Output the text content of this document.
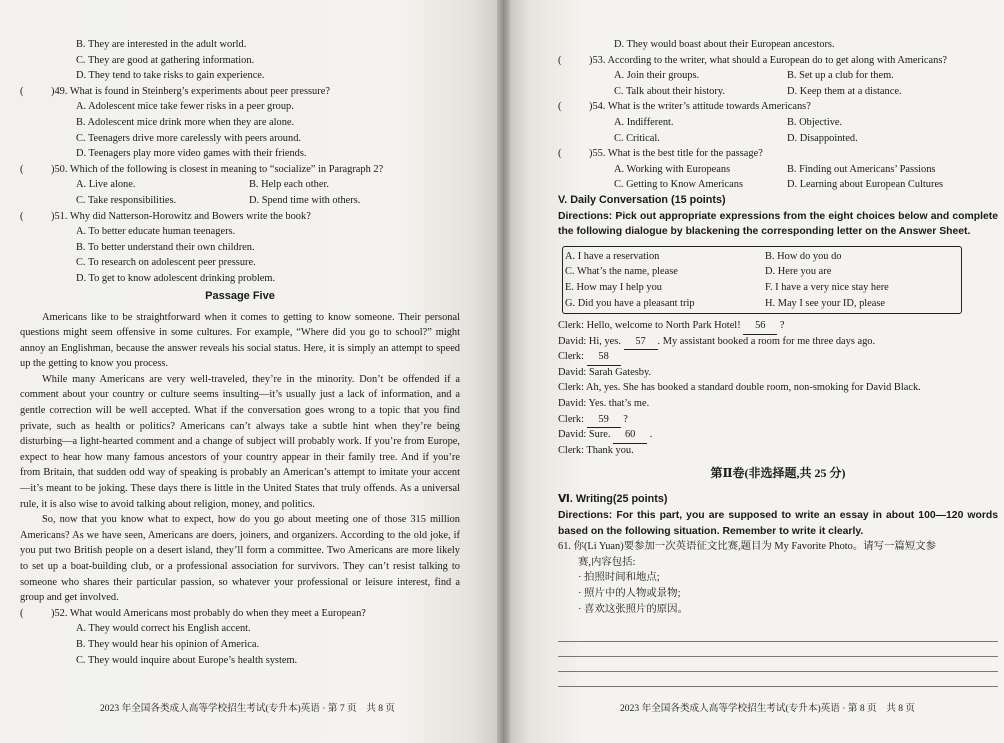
B. They are interested in the adult world.
C. They are good at gathering information.
D. They tend to take risks to gain experience.
(	)49. What is found in Steinberg’s experiments about peer pressure?
A. Adolescent mice take fewer risks in a peer group.
B. Adolescent mice drink more when they are alone.
C. Teenagers drive more carelessly with peers around.
D. Teenagers play more video games with their friends.
(	)50. Which of the following is closest in meaning to “socialize” in Paragraph 2?
A. Live alone.	B. Help each other.
C. Take responsibilities.	D. Spend time with others.
(	)51. Why did Natterson-Horowitz and Bowers write the book?
A. To better educate human teenagers.
B. To better understand their own children.
C. To research on adolescent peer pressure.
D. To get to know adolescent drinking problem.
Passage Five

Americans like to be straightforward when it comes to getting to know someone. Their personal questions might seem offensive in some cultures. For example, “Where did you go to school?” might annoy an Englishman, because the answer reveals his social status. Here, it is simply an attempt to speed up the getting to know you process.

While many Americans are very well-traveled, they’re in the minority. Don’t be offended if a comment about your country or culture seems insulting—it’s usually just a lack of information, and a gentle correction will be well accepted. What if the conversation goes wrong to a topic that you find private, such as health or politics? Americans can’t always take a subtle hint when they’re being disturbing—a light-hearted comment and a change of subject will probably work. If you’re from Europe, expect to hear how many famous ancestors of your country appear in their family tree. And if you’re from Britain, that sudden odd way of speaking is probably an American’s attempt to imitate your accent—it’s meant to be joking. These days there is little in the United States that truly offends. As a universal rule, it is also wise to avoid talking about religion, money, and politics.

So, now that you know what to expect, how do you go about meeting one of those 315 million Americans? As we have seen, Americans are doers, joiners, and organizers. According to the old joke, if you put two British people on a desert island, they’ll form a committee. Two Americans are more likely to set up a boat-building club, or a professional association for survivors. They can’t resist talking to someone who shares their particular passion, so whatever your professional or leisure interest, find a group and get involved.

(	)52. What would Americans most probably do when they meet a European?
A. They would correct his English accent.
B. They would hear his opinion of America.
C. They would inquire about Europe’s health system.
2023 年全国各类成人高等学校招生考试(专升本)英语 · 第 7 页　共 8 页
D. They would boast about their European ancestors.
(	)53. According to the writer, what should a European do to get along with Americans?
A. Join their groups.	B. Set up a club for them.
C. Talk about their history.	D. Keep them at a distance.
(	)54. What is the writer’s attitude towards Americans?
A. Indifferent.	B. Objective.
C. Critical.	D. Disappointed.
(	)55. What is the best title for the passage?
A. Working with Europeans	B. Finding out Americans’ Passions
C. Getting to Know Americans	D. Learning about European Cultures
V. Daily Conversation (15 points)
Directions: Pick out appropriate expressions from the eight choices below and complete the following dialogue by blackening the corresponding letter on the Answer Sheet.
A. I have a reservation	B. How do you do
C. What’s the name, please	D. Here you are
E. How may I help you	F. I have a very nice stay here
G. Did you have a pleasant trip	H. May I see your ID, please
Clerk: Hello, welcome to North Park Hotel! 56 ?
David: Hi, yes. 57 . My assistant booked a room for me three days ago.
Clerk: 58
David: Sarah Gatesby.
Clerk: Ah, yes. She has booked a standard double room, non-smoking for David Black.
David: Yes. that’s me.
Clerk: 59 ?
David: Sure. 60 .
Clerk: Thank you.
第Ⅱ卷(非选择题,共 25 分)
Ⅵ. Writing(25 points)
Directions: For this part, you are supposed to write an essay in about 100—120 words based on the following situation. Remember to write it clearly.
61. 你(Li Yuan)要参加一次英语征文比赛,题目为 My Favorite Photo。请写一篇短文参
赛,内容包括:
· 拍照时间和地点;
· 照片中的人物或景物;
· 喜欢这张照片的原因。
2023 年全国各类成人高等学校招生考试(专升本)英语 · 第 8 页　共 8 页
